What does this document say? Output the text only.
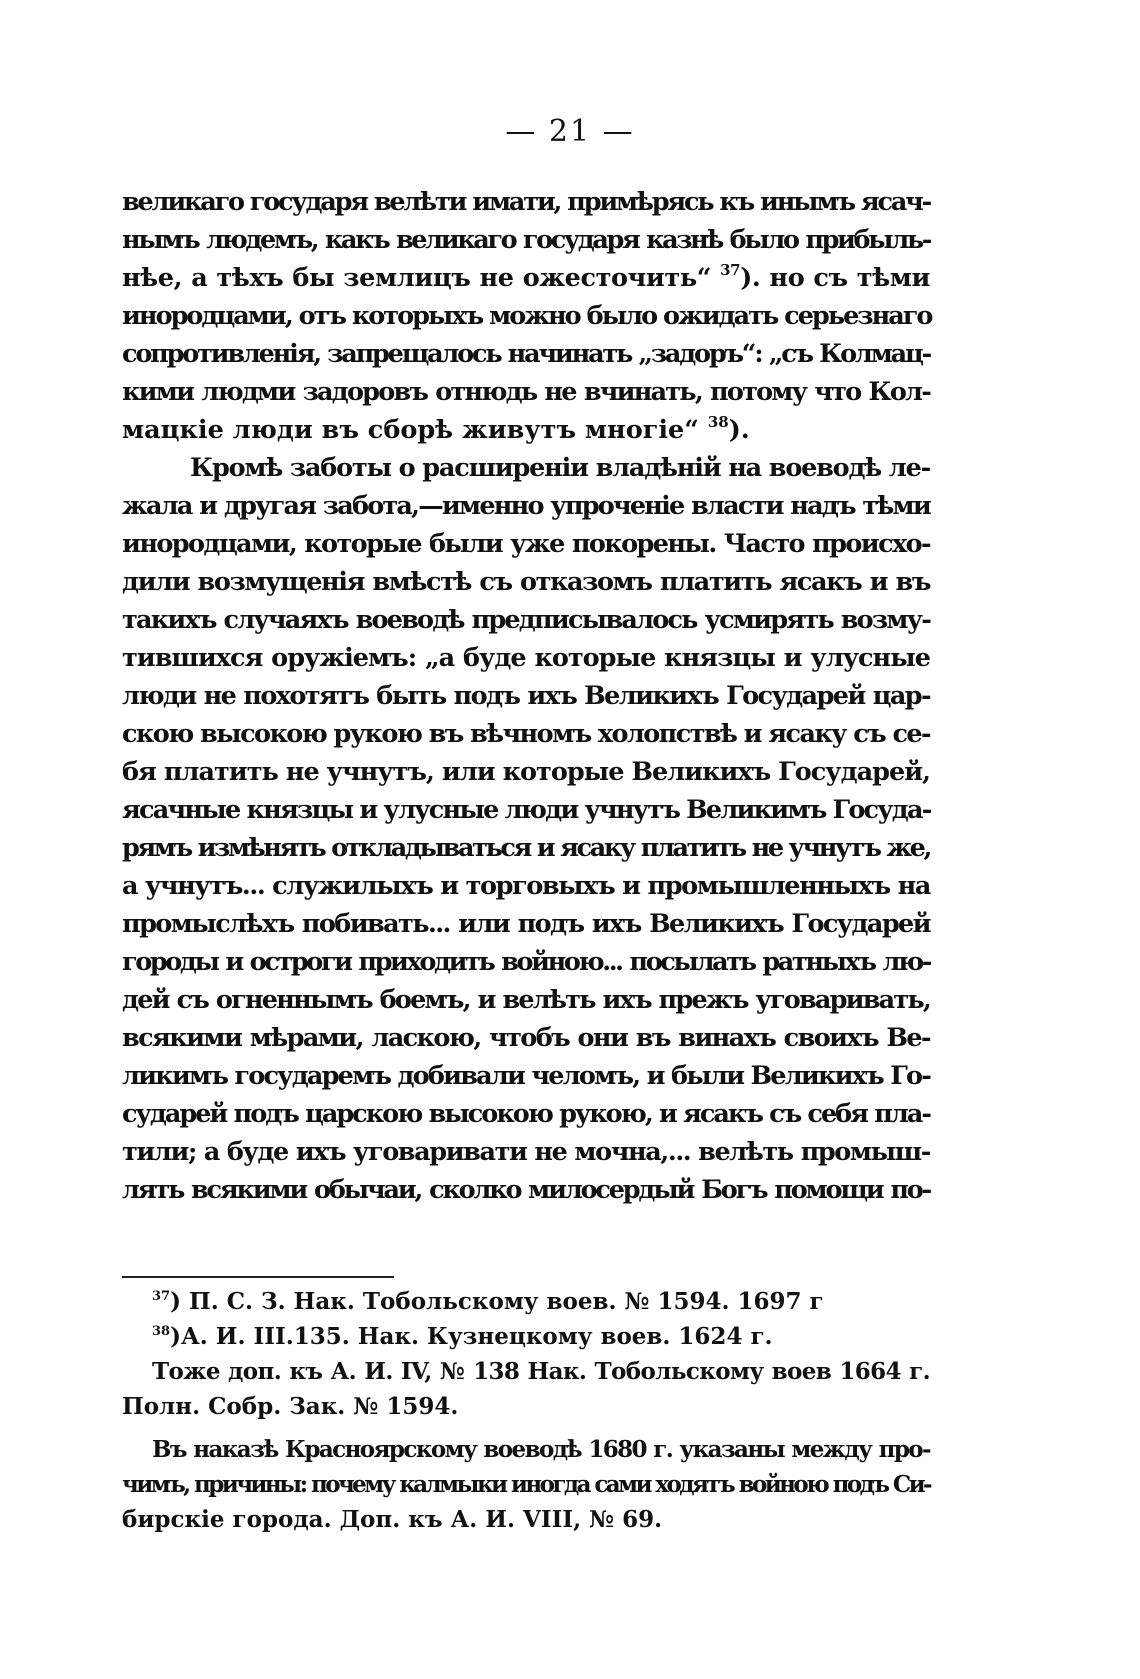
— 21 —
великаго государя велѣти имати, примѣрясь къ инымъ ясач-
нымъ людемъ, какъ великаго государя казнѣ было прибыль-
нѣе, а тѣхъ бы землицъ не ожесточить“ $^{37}$). но съ тѣми
инородцами, отъ которыхъ можно было ожидать серьезнаго
сопротивленія, запрещалось начинать „задоръ“: „съ Колмац-
кими людми задоровъ отнюдь не вчинать, потому что Кол-
мацкіе люди въ сборѣ живутъ многіе“ $^{38}$).
Кромѣ заботы о расширеніи владѣній на воеводѣ ле-
жала и другая забота,—именно упроченіе власти надъ тѣми
инородцами, которые были уже покорены. Часто происхо-
дили возмущенія вмѣстѣ съ отказомъ платить ясакъ и въ
такихъ случаяхъ воеводѣ предписывалось усмирять возму-
тившихся оружіемъ: „а буде которые князцы и улусные
люди не похотятъ быть подъ ихъ Великихъ Государей цар-
скою высокою рукою въ вѣчномъ холопствѣ и ясаку съ се-
бя платить не учнутъ, или которые Великихъ Государей,
ясачные князцы и улусные люди учнутъ Великимъ Госуда-
рямъ измѣнять откладываться и ясаку платить не учнутъ же,
а учнутъ... служилыхъ и торговыхъ и промышленныхъ на
промыслѣхъ побивать... или подъ ихъ Великихъ Государей
городы и остроги приходить войною... посылать ратныхъ лю-
дей съ огненнымъ боемъ, и велѣть ихъ прежъ уговаривать,
всякими мѣрами, ласкою, чтобъ они въ винахъ своихъ Ве-
ликимъ государемъ добивали челомъ, и были Великихъ Го-
сударей подъ царскою высокою рукою, и ясакъ съ себя пла-
тили; а буде ихъ уговаривати не мочна,... велѣть промыш-
лять всякими обычаи, сколко милосердый Богъ помощи по-
$^{37}$) П. С. З. Нак. Тобольскому воев. № 1594. 1697 г
$^{38}$)А. И. III.135. Нак. Кузнецкому воев. 1624 г.
Тоже доп. къ А. И. IV, № 138 Нак. Тобольскому воев 1664 г.
Полн. Собр. Зак. № 1594.
Въ наказѣ Красноярскому воеводѣ 1680 г. указаны между про-
чимъ, причины: почему калмыки иногда сами ходятъ войною подъ Си-
бирскіе города. Доп. къ А. И. VIII, № 69.
